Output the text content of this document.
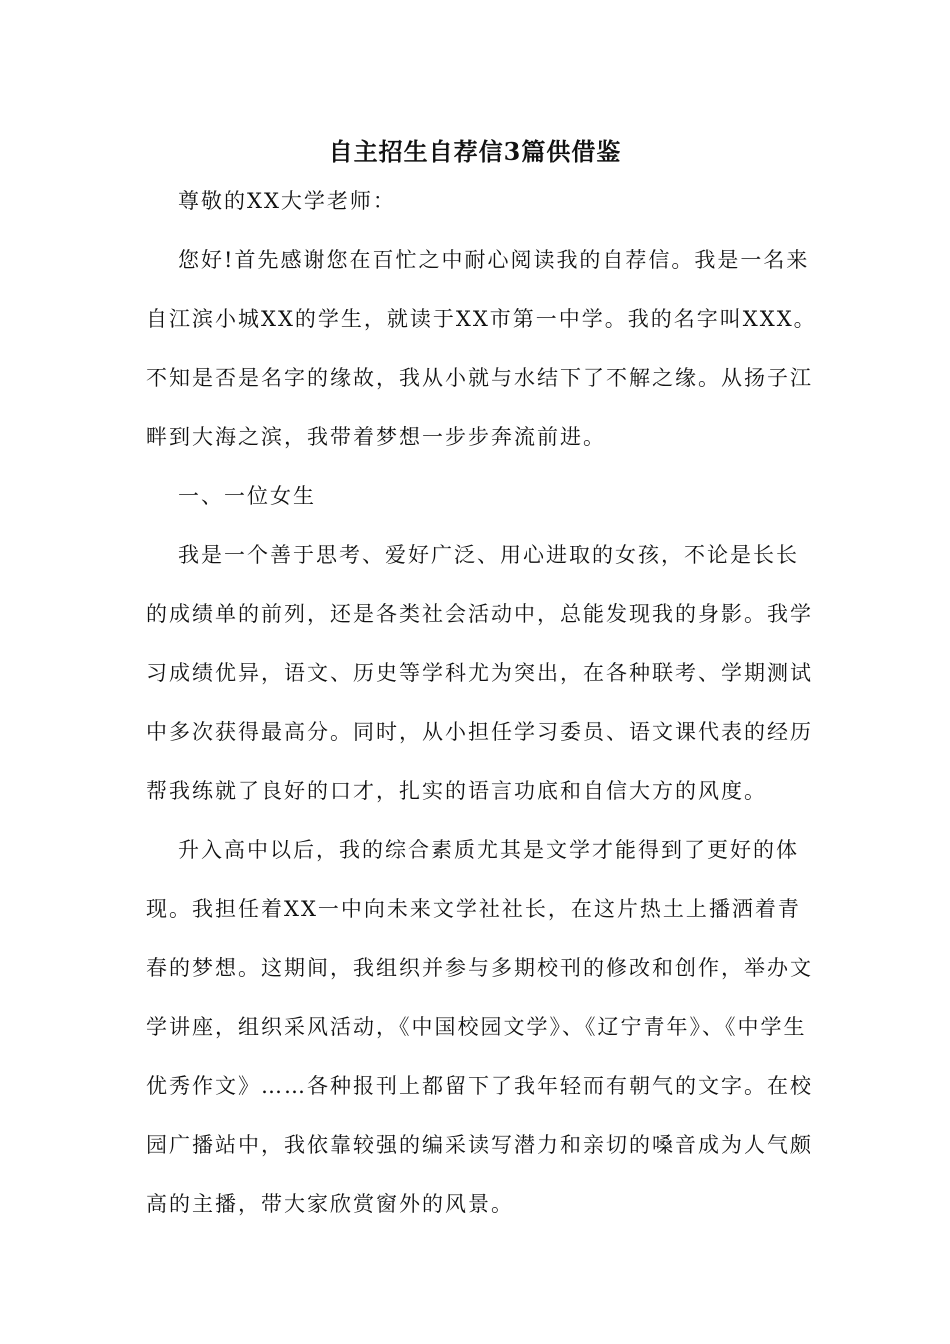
自主招生自荐信3篇供借鉴

尊敬的XX大学老师：

您好!首先感谢您在百忙之中耐心阅读我的自荐信。我是一名来自江滨小城XX的学生，就读于XX市第一中学。我的名字叫XXX。不知是否是名字的缘故，我从小就与水结下了不解之缘。从扬子江畔到大海之滨，我带着梦想一步步奔流前进。

一、一位女生

我是一个善于思考、爱好广泛、用心进取的女孩，不论是长长的成绩单的前列，还是各类社会活动中，总能发现我的身影。我学习成绩优异，语文、历史等学科尤为突出，在各种联考、学期测试中多次获得最高分。同时，从小担任学习委员、语文课代表的经历帮我练就了良好的口才，扎实的语言功底和自信大方的风度。

升入高中以后，我的综合素质尤其是文学才能得到了更好的体现。我担任着XX一中向未来文学社社长，在这片热土上播洒着青春的梦想。这期间，我组织并参与多期校刊的修改和创作，举办文学讲座，组织采风活动，《中国校园文学》、《辽宁青年》、《中学生优秀作文》……各种报刊上都留下了我年轻而有朝气的文字。在校园广播站中，我依靠较强的编采读写潜力和亲切的嗓音成为人气颇高的主播，带大家欣赏窗外的风景。
